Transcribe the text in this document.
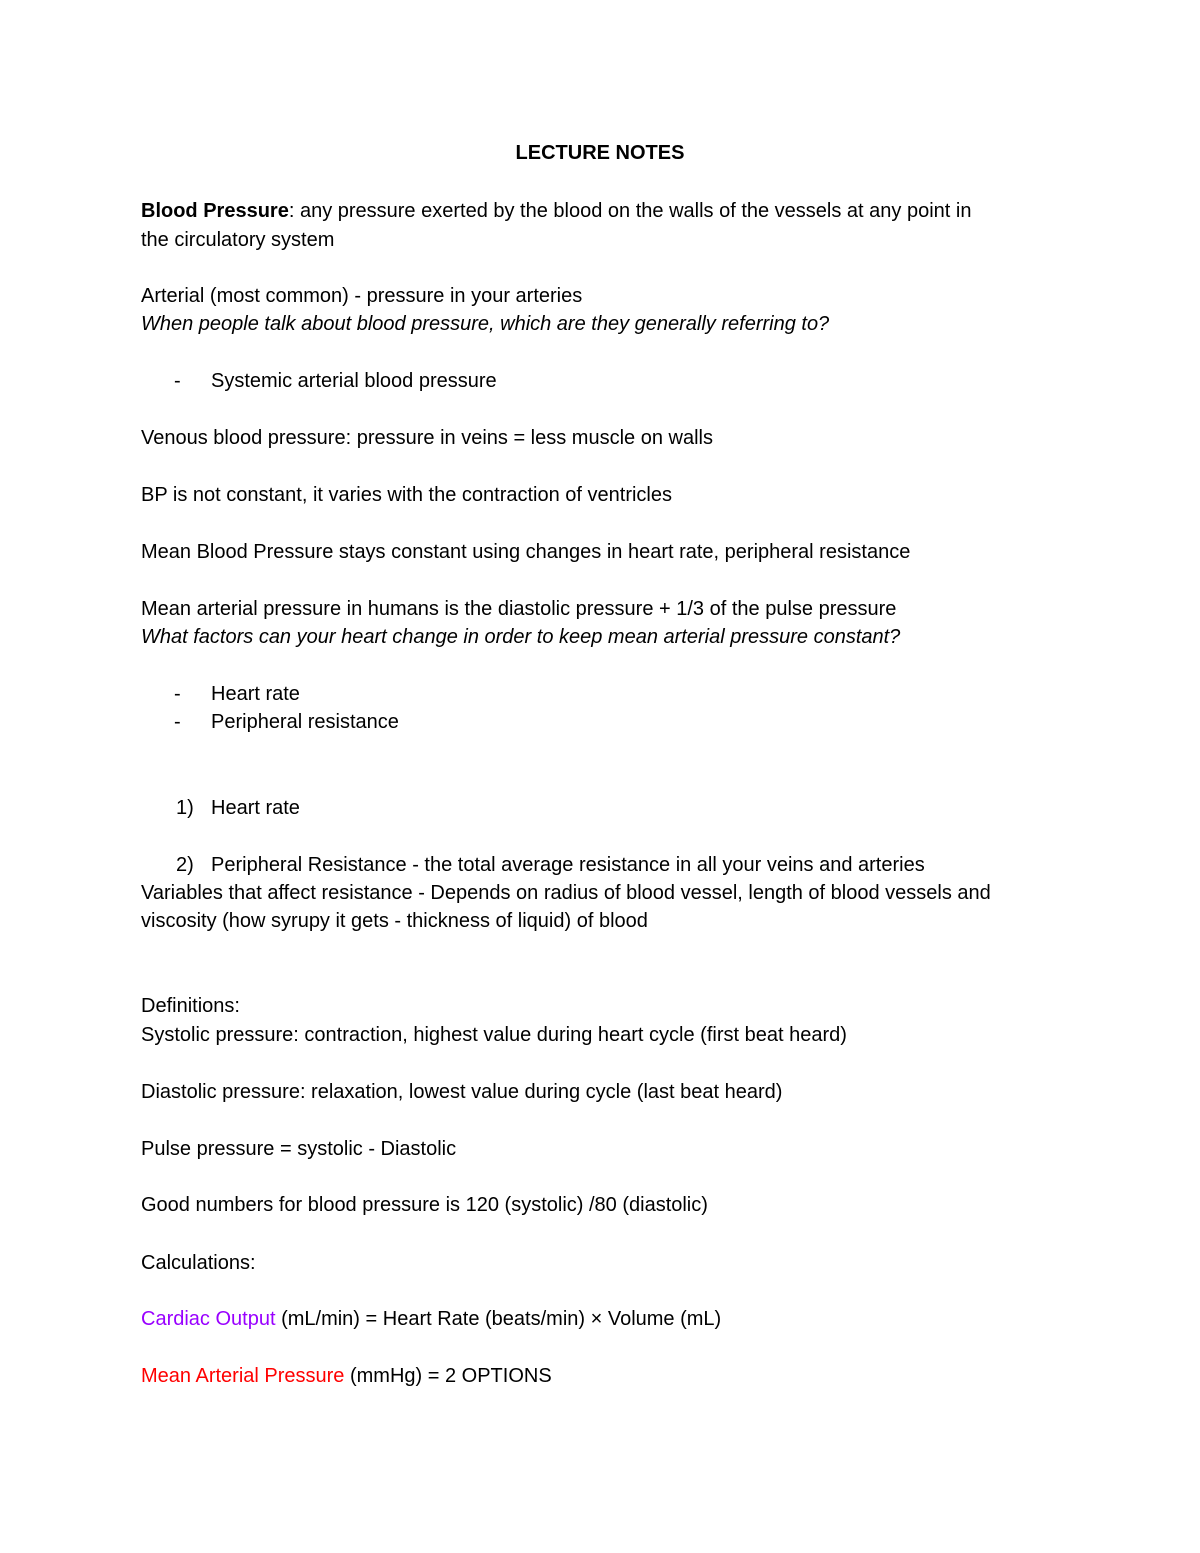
LECTURE NOTES
Blood Pressure: any pressure exerted by the blood on the walls of the vessels at any point in
the circulatory system
Arterial (most common) - pressure in your arteries
When people talk about blood pressure, which are they generally referring to?
- Systemic arterial blood pressure
Venous blood pressure: pressure in veins = less muscle on walls
BP is not constant, it varies with the contraction of ventricles
Mean Blood Pressure stays constant using changes in heart rate, peripheral resistance
Mean arterial pressure in humans is the diastolic pressure + 1/3 of the pulse pressure
What factors can your heart change in order to keep mean arterial pressure constant?
- Heart rate
- Peripheral resistance
1) Heart rate
2) Peripheral Resistance - the total average resistance in all your veins and arteries
Variables that affect resistance - Depends on radius of blood vessel, length of blood vessels and
viscosity (how syrupy it gets - thickness of liquid) of blood
Definitions:
Systolic pressure: contraction, highest value during heart cycle (first beat heard)
Diastolic pressure: relaxation, lowest value during cycle (last beat heard)
Pulse pressure = systolic - Diastolic
Good numbers for blood pressure is 120 (systolic) /80 (diastolic)
Calculations:
Cardiac Output (mL/min) = Heart Rate (beats/min) × Volume (mL)
Mean Arterial Pressure (mmHg) = 2 OPTIONS
